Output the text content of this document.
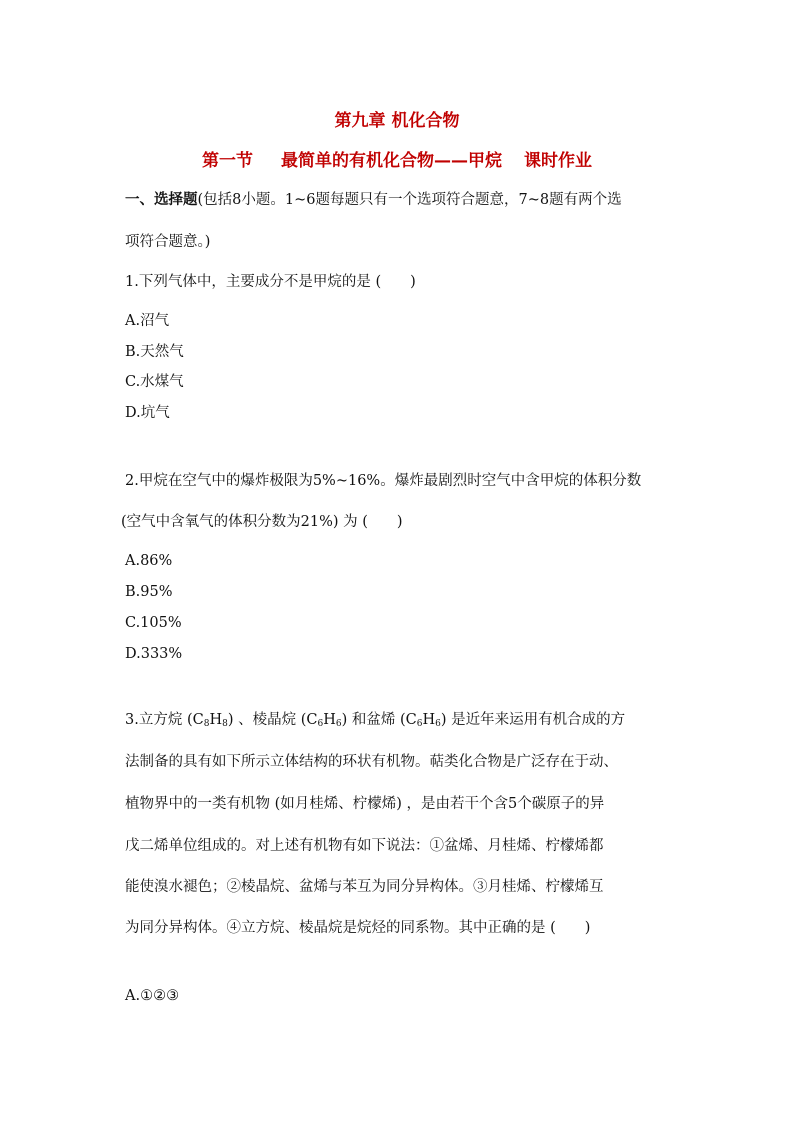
第九章 机化合物
第一节 最简单的有机化合物——甲烷 课时作业
一、选择题(包括8小题。1~6题每题只有一个选项符合题意，7~8题有两个选
项符合题意。)
1.下列气体中，主要成分不是甲烷的是 (　　)
A.沼气
B.天然气
C.水煤气
D.坑气
2.甲烷在空气中的爆炸极限为5%~16%。爆炸最剧烈时空气中含甲烷的体积分数
(空气中含氧气的体积分数为21%) 为 (　　)
A.86%
B.95%
C.105%
D.333%
3.立方烷 $(C_8H_8)$ 、棱晶烷 $(C_6H_6)$ 和盆烯 $(C_6H_6)$ 是近年来运用有机合成的方
法制备的具有如下所示立体结构的环状有机物。萜类化合物是广泛存在于动、
植物界中的一类有机物 (如月桂烯、柠檬烯) ，是由若干个含5个碳原子的异
戊二烯单位组成的。对上述有机物有如下说法：①盆烯、月桂烯、柠檬烯都
能使溴水褪色；②棱晶烷、盆烯与苯互为同分异构体。③月桂烯、柠檬烯互
为同分异构体。④立方烷、棱晶烷是烷烃的同系物。其中正确的是 (　　)
A.①②③
